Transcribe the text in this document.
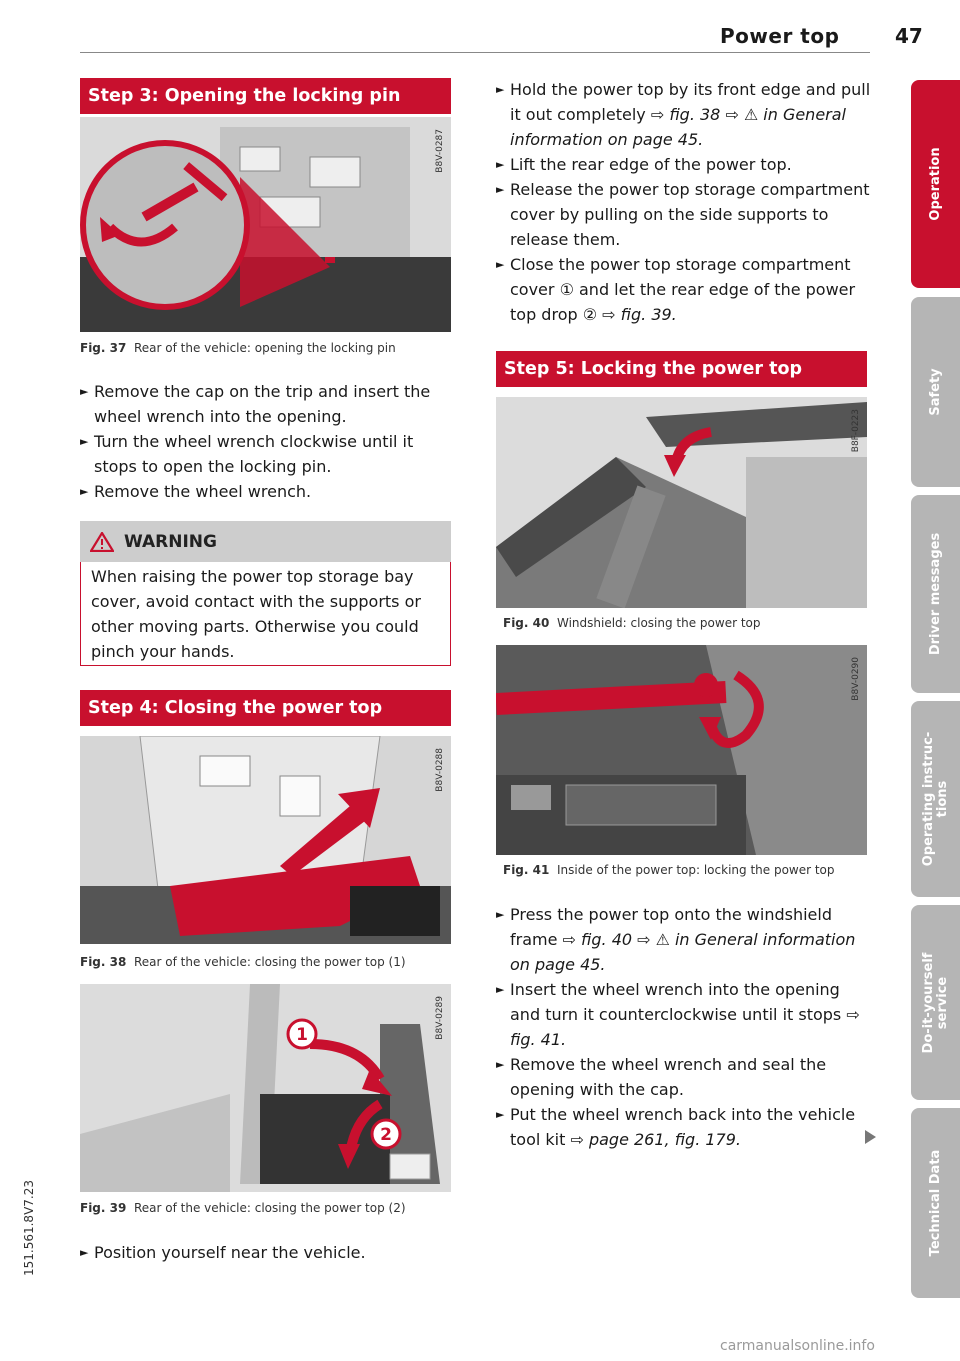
Power top	47
Step 3: Opening the locking pin
B8V-0287
Fig. 37 Rear of the vehicle: opening the locking pin
► Remove the cap on the trip and insert the wheel wrench into the opening.
► Turn the wheel wrench clockwise until it stops to open the locking pin.
► Remove the wheel wrench.
WARNING
When raising the power top storage bay cover, avoid contact with the supports or other moving parts. Otherwise you could pinch your hands.
Step 4: Closing the power top
B8V-0288
Fig. 38 Rear of the vehicle: closing the power top (1)
1
2
B8V-0289
Fig. 39 Rear of the vehicle: closing the power top (2)
► Position yourself near the vehicle.
► Hold the power top by its front edge and pull it out completely ⇨ fig. 38 ⇨ ⚠ in General information on page 45.
► Lift the rear edge of the power top.
► Release the power top storage compartment cover by pulling on the side supports to release them.
► Close the power top storage compartment cover ① and let the rear edge of the power top drop ② ⇨ fig. 39.
Step 5: Locking the power top
B8F-0223
Fig. 40 Windshield: closing the power top
B8V-0290
Fig. 41 Inside of the power top: locking the power top
► Press the power top onto the windshield frame ⇨ fig. 40 ⇨ ⚠ in General information on page 45.
► Insert the wheel wrench into the opening and turn it counterclockwise until it stops ⇨ fig. 41.
► Remove the wheel wrench and seal the opening with the cap.
► Put the wheel wrench back into the vehicle tool kit ⇨ page 261, fig. 179.
Operation
Safety
Driver messages
Operating instruc-tions
Do-it-yourself service
Technical Data
151.561.8V7.23
carmanualsonline.info
